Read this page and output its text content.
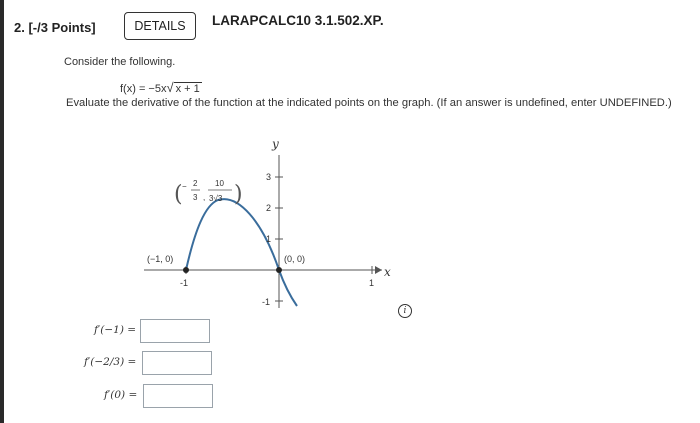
2. [-/3 Points]	DETAILS	LARAPCALC10 3.1.502.XP.
Consider the following.
f(x) = −5x√ x + 1
Evaluate the derivative of the function at the indicated points on the graph. (If an answer is undefined, enter UNDEFINED.)
y
x
-1	1
3
2
1
-1
(−1, 0)	(0, 0)
( − 2
3 ,
10
3√3 )
i
f′(−1) =
f′(−2/3) =
f′(0) =
